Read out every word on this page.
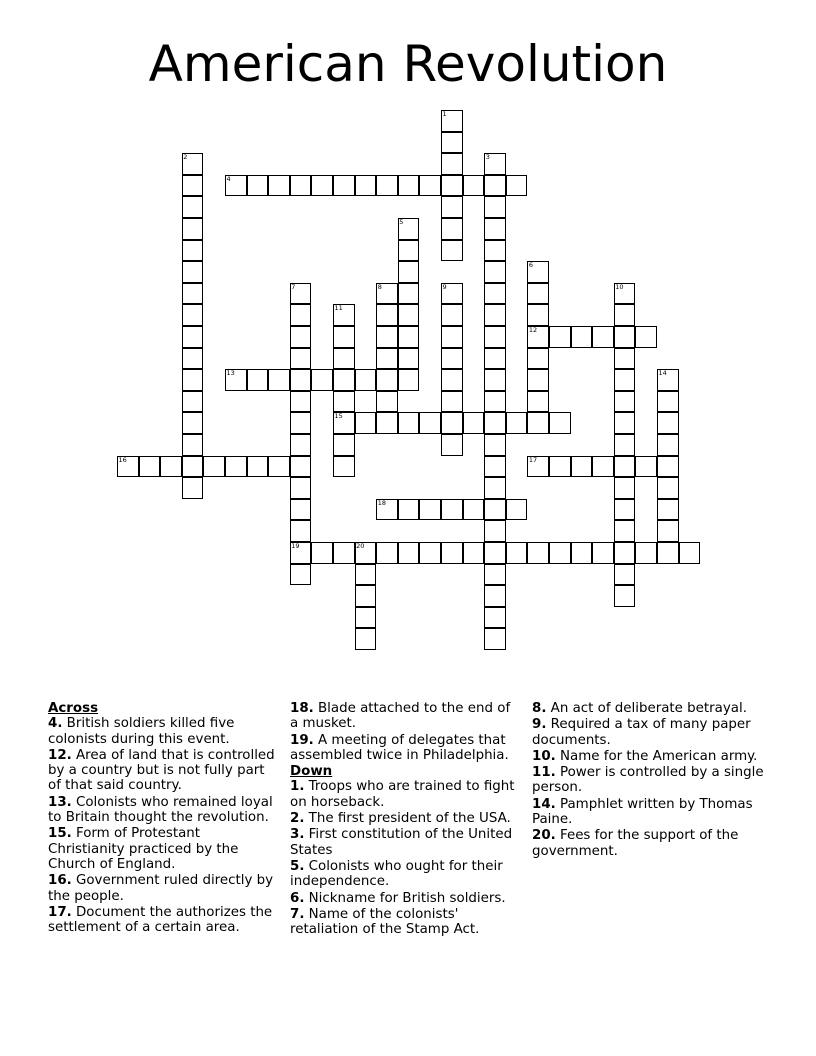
American Revolution
1
2	3
4
5
6
7	8	9	10
11
12
13	14
15
16	17
18
19	20
Across
4. British soldiers killed five colonists during this event.
12. Area of land that is controlled by a country but is not fully part of that said country.
13. Colonists who remained loyal to Britain thought the revolution.
15. Form of Protestant Christianity practiced by the Church of England.
16. Government ruled directly by the people.
17. Document the authorizes the settlement of a certain area.
18. Blade attached to the end of a musket.
19. A meeting of delegates that assembled twice in Philadelphia.
Down
1. Troops who are trained to fight on horseback.
2. The first president of the USA.
3. First constitution of the United States
5. Colonists who ought for their independence.
6. Nickname for British soldiers.
7. Name of the colonists' retaliation of the Stamp Act.
8. An act of deliberate betrayal.
9. Required a tax of many paper documents.
10. Name for the American army.
11. Power is controlled by a single person.
14. Pamphlet written by Thomas Paine.
20. Fees for the support of the government.
